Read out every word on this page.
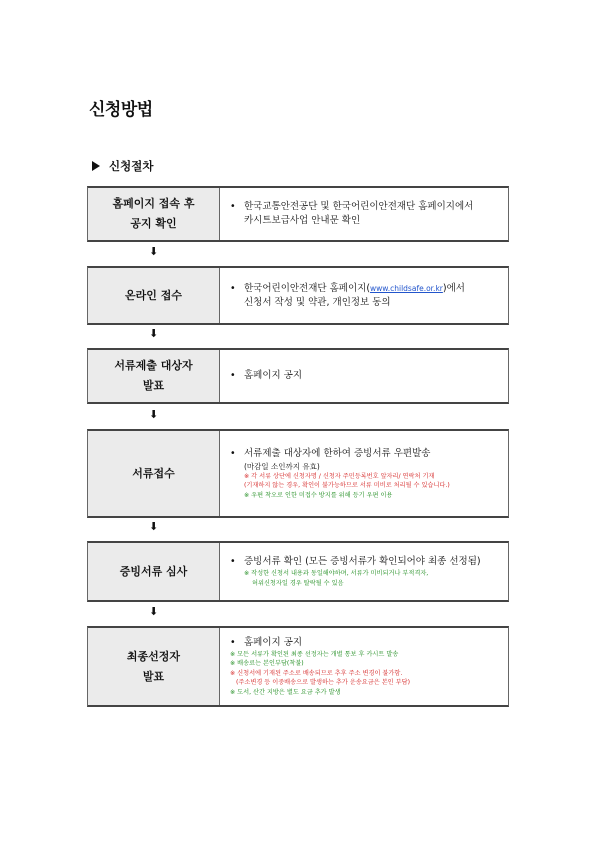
신청방법
신청절차
홈페이지 접속 후
공지 확인
• 한국교통안전공단 및 한국어린이안전재단 홈페이지에서
카시트보급사업 안내문 확인
⬇
온라인 접수
• 한국어린이안전재단 홈페이지(www.childsafe.or.kr)에서
신청서 작성 및 약관, 개인정보 동의
⬇
서류제출 대상자
발표
• 홈페이지 공지
⬇
서류접수
• 서류제출 대상자에 한하여 증빙서류 우편발송
(마감일 소인까지 유효)
※ 각 서류 상단에 신청자명 / 신청자 주민등록번호 앞자리/ 연락처 기재
(기재하지 않는 경우, 확인이 불가능하므로 서류 미비로 처리될 수 있습니다.)
※ 우편 착오로 인한 미접수 방지를 위해 등기 우편 이용
⬇
증빙서류 심사
• 증빙서류 확인 (모든 증빙서류가 확인되어야 최종 선정됨)
※ 작성한 신청서 내용과 동일해야하며, 서류가 미비되거나 부적격자,
허위신청자일 경우 탈락될 수 있음
⬇
최종선정자
발표
• 홈페이지 공지
※ 모든 서류가 확인된 최종 선정자는 개별 통보 후 카시트 발송
※ 배송료는 본인부담(착불)
※ 신청서에 기재된 주소로 배송되므로 추후 주소 변경이 불가함.
(주소변경 등 이중배송으로 발생하는 추가 운송요금은 본인 부담)
※ 도서, 산간 지방은 별도 요금 추가 발생
